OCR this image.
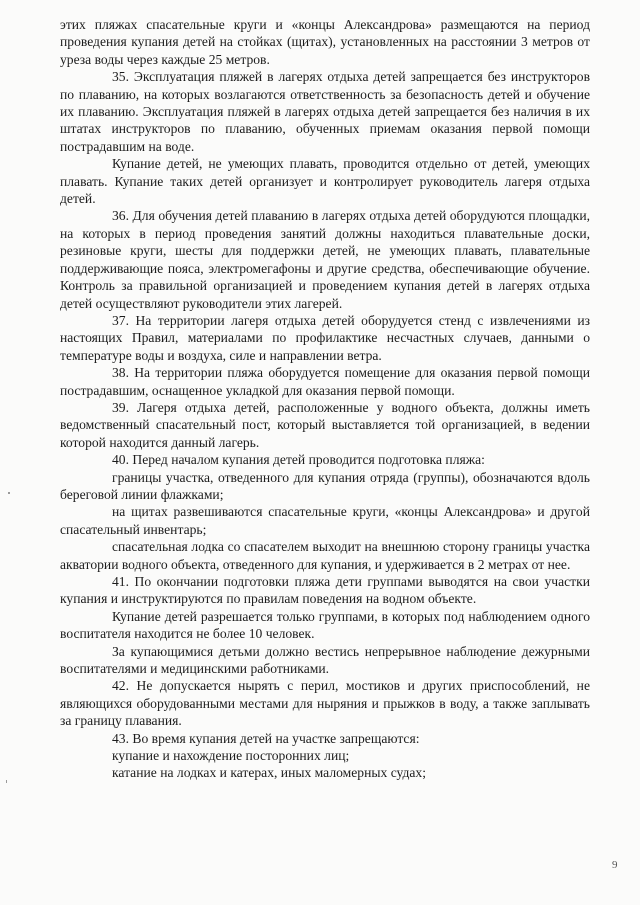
этих пляжах спасательные круги и «концы Александрова» размещаются на период проведения купания детей на стойках (щитах), установленных на расстоянии 3 метров от уреза воды через каждые 25 метров.

35. Эксплуатация пляжей в лагерях отдыха детей запрещается без инструкторов по плаванию, на которых возлагаются ответственность за безопасность детей и обучение их плаванию. Эксплуатация пляжей в лагерях отдыха детей запрещается без наличия в их штатах инструкторов по плаванию, обученных приемам оказания первой помощи пострадавшим на воде.

Купание детей, не умеющих плавать, проводится отдельно от детей, умеющих плавать. Купание таких детей организует и контролирует руководитель лагеря отдыха детей.

36. Для обучения детей плаванию в лагерях отдыха детей оборудуются площадки, на которых в период проведения занятий должны находиться плавательные доски, резиновые круги, шесты для поддержки детей, не умеющих плавать, плавательные поддерживающие пояса, электромегафоны и другие средства, обеспечивающие обучение. Контроль за правильной организацией и проведением купания детей в лагерях отдыха детей осуществляют руководители этих лагерей.

37. На территории лагеря отдыха детей оборудуется стенд с извлечениями из настоящих Правил, материалами по профилактике несчастных случаев, данными о температуре воды и воздуха, силе и направлении ветра.

38. На территории пляжа оборудуется помещение для оказания первой помощи пострадавшим, оснащенное укладкой для оказания первой помощи.

39. Лагеря отдыха детей, расположенные у водного объекта, должны иметь ведомственный спасательный пост, который выставляется той организацией, в ведении которой находится данный лагерь.

40. Перед началом купания детей проводится подготовка пляжа:

границы участка, отведенного для купания отряда (группы), обозначаются вдоль береговой линии флажками;

на щитах развешиваются спасательные круги, «концы Александрова» и другой спасательный инвентарь;

спасательная лодка со спасателем выходит на внешнюю сторону границы участка акватории водного объекта, отведенного для купания, и удерживается в 2 метрах от нее.

41. По окончании подготовки пляжа дети группами выводятся на свои участки купания и инструктируются по правилам поведения на водном объекте.

Купание детей разрешается только группами, в которых под наблюдением одного воспитателя находится не более 10 человек.

За купающимися детьми должно вестись непрерывное наблюдение дежурными воспитателями и медицинскими работниками.

42. Не допускается нырять с перил, мостиков и других приспособлений, не являющихся оборудованными местами для ныряния и прыжков в воду, а также заплывать за границу плавания.

43. Во время купания детей на участке запрещаются:

купание и нахождение посторонних лиц;

катание на лодках и катерах, иных маломерных судах;

9
